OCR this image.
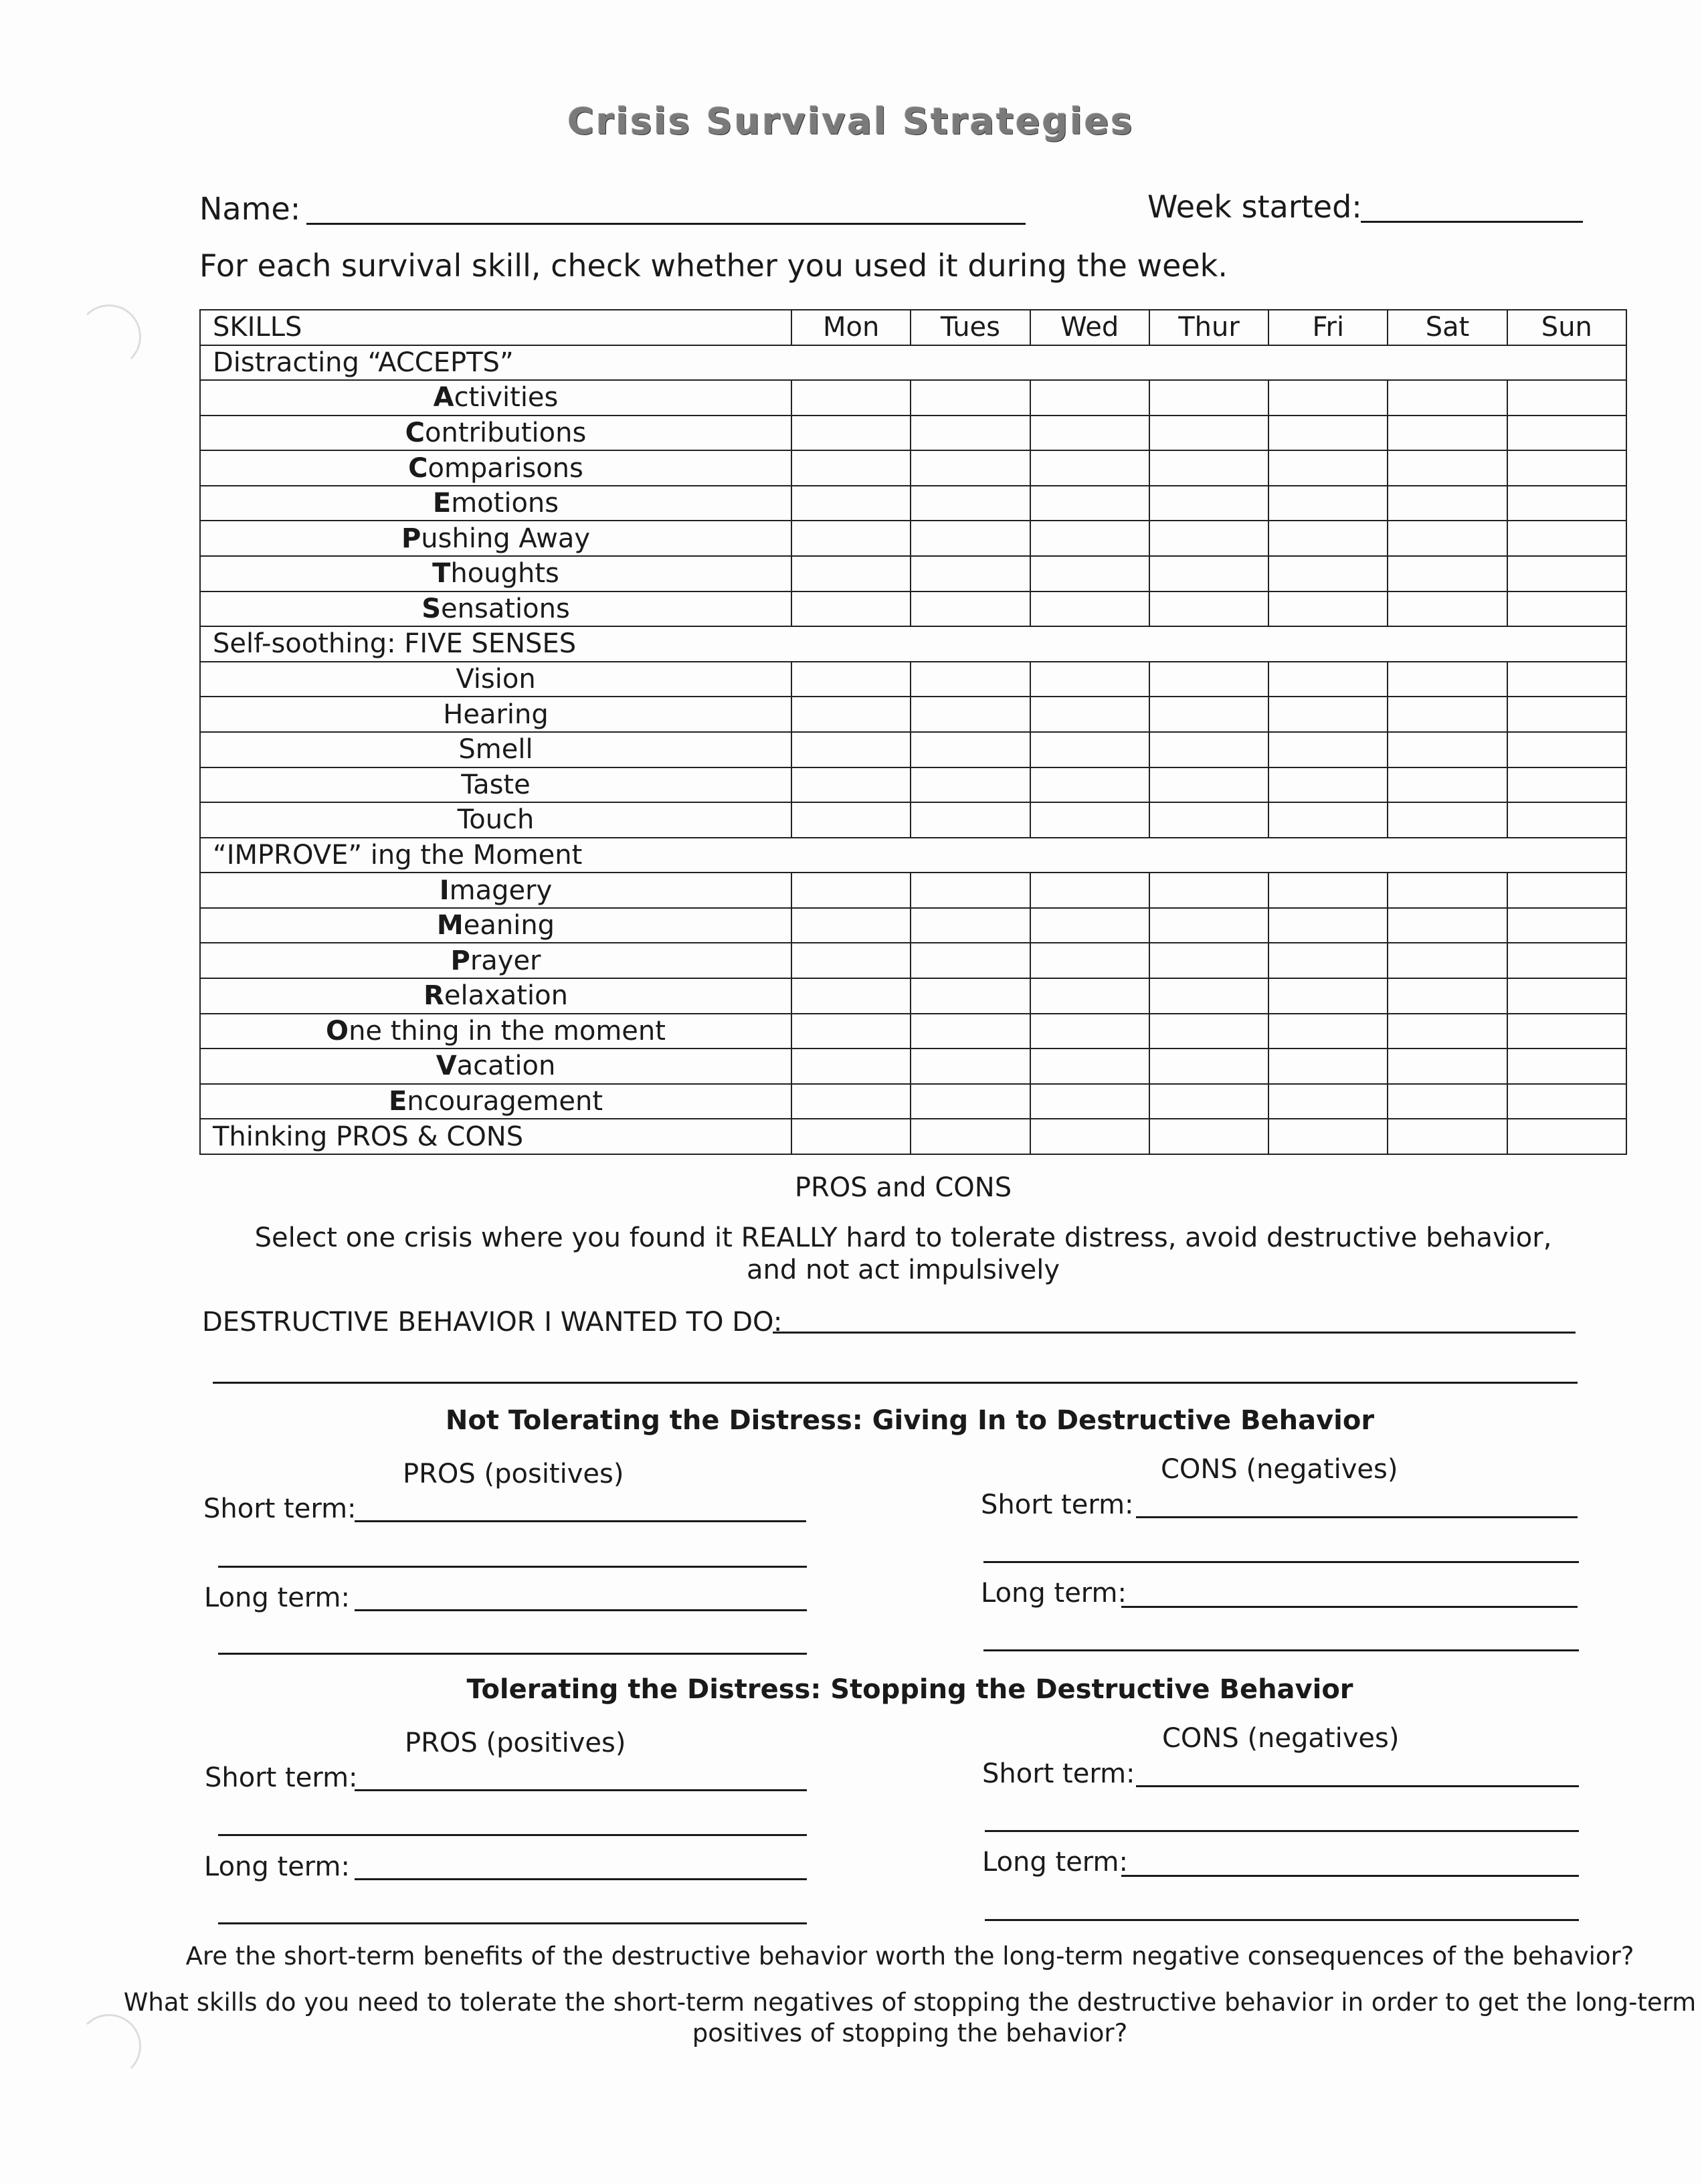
Crisis Survival Strategies
Name:	Week started:
For each survival skill, check whether you used it during the week.
SKILLS	Mon	Tues	Wed	Thur	Fri	Sat	Sun
Distracting “ACCEPTS”							
Activities							
Contributions							
Comparisons							
Emotions							
Pushing Away							
Thoughts							
Sensations							
Self-soothing: FIVE SENSES							
Vision							
Hearing							
Smell							
Taste							
Touch							
“IMPROVE” ing the Moment							
Imagery							
Meaning							
Prayer							
Relaxation							
One thing in the moment							
Vacation							
Encouragement							
Thinking PROS & CONS							
PROS and CONS
Select one crisis where you found it REALLY hard to tolerate distress, avoid destructive behavior,
and not act impulsively
DESTRUCTIVE BEHAVIOR I WANTED TO DO:
Not Tolerating the Distress: Giving In to Destructive Behavior
PROS (positives)	CONS (negatives)
Short term:
Long term:
Short term:
Long term:
Tolerating the Distress: Stopping the Destructive Behavior
PROS (positives)	CONS (negatives)
Short term:
Long term:
Short term:
Long term:
Are the short-term benefits of the destructive behavior worth the long-term negative consequences of the behavior?
What skills do you need to tolerate the short-term negatives of stopping the destructive behavior in order to get the long-term
positives of stopping the behavior?
